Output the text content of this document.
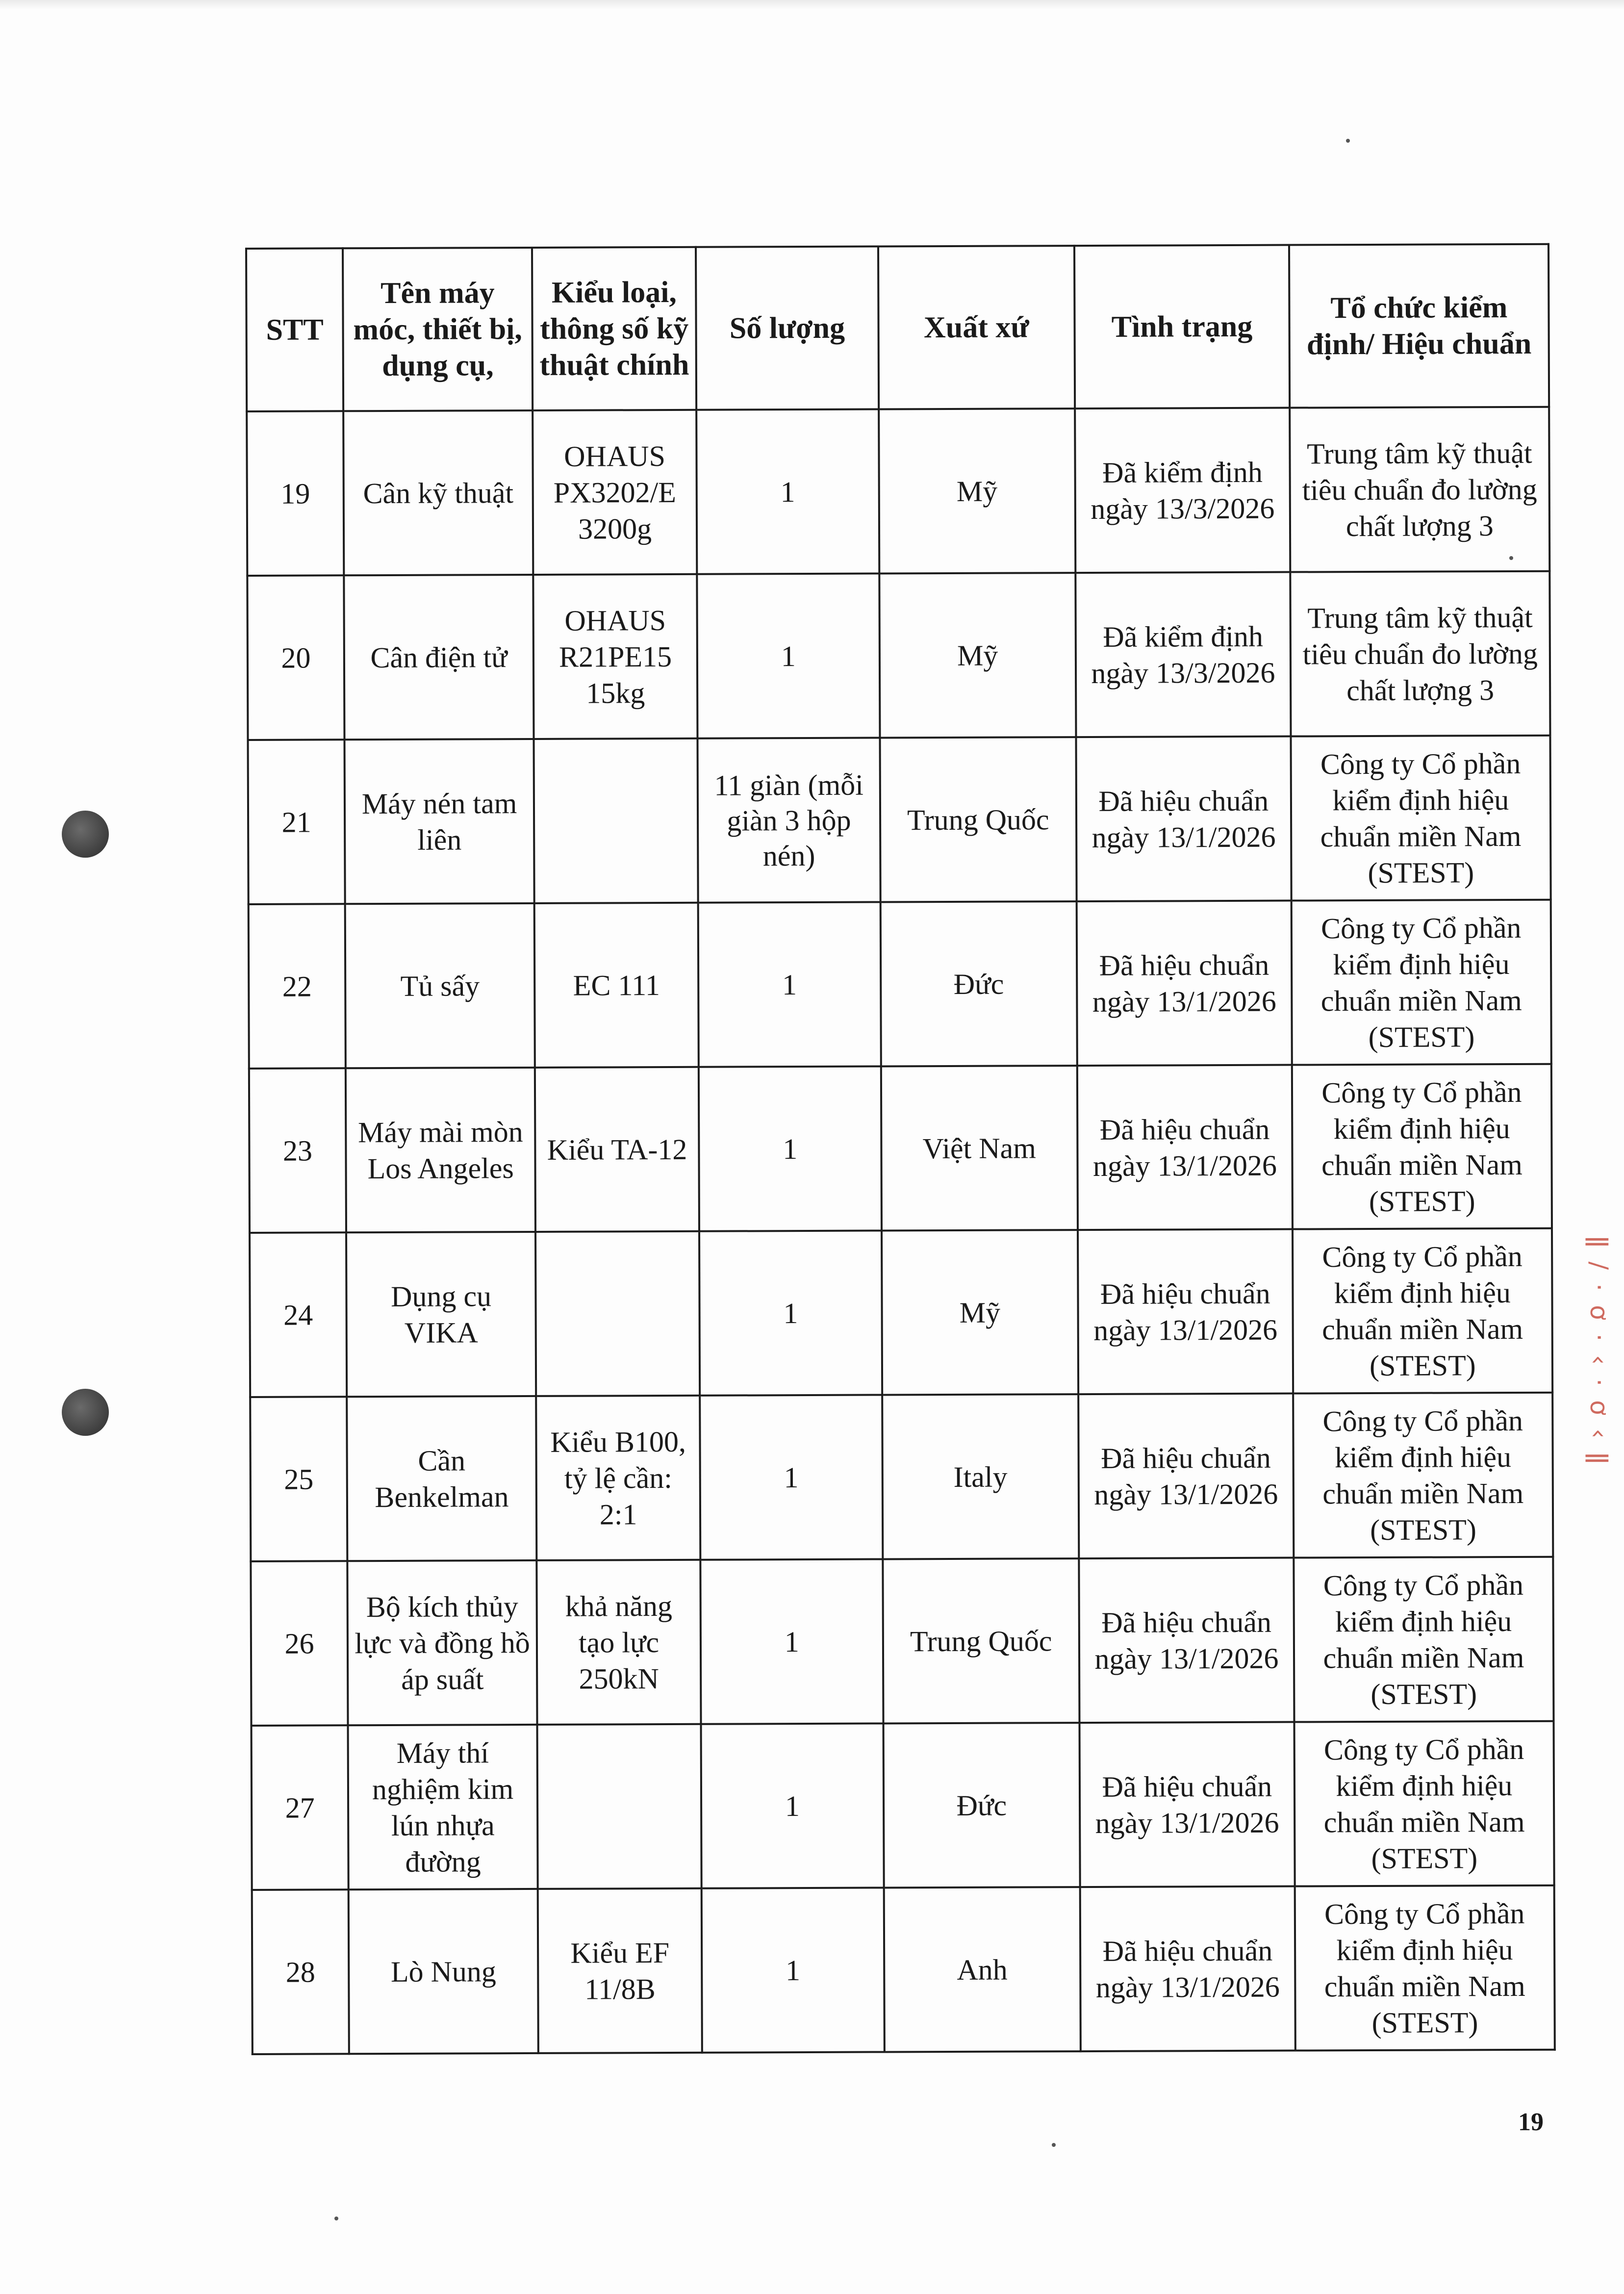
STT	Tên máy móc, thiết bị, dụng cụ,	Kiểu loại, thông số kỹ thuật chính	Số lượng	Xuất xứ	Tình trạng	Tổ chức kiểm định/ Hiệu chuẩn
19	Cân kỹ thuật	OHAUS PX3202/E 3200g	1	Mỹ	Đã kiểm định ngày 13/3/2026	Trung tâm kỹ thuật tiêu chuẩn đo lường chất lượng 3
20	Cân điện tử	OHAUS R21PE15 15kg	1	Mỹ	Đã kiểm định ngày 13/3/2026	Trung tâm kỹ thuật tiêu chuẩn đo lường chất lượng 3
21	Máy nén tam liên		11 giàn (mỗi giàn 3 hộp nén)	Trung Quốc	Đã hiệu chuẩn ngày 13/1/2026	Công ty Cổ phần kiểm định hiệu chuẩn miền Nam (STEST)
22	Tủ sấy	EC 111	1	Đức	Đã hiệu chuẩn ngày 13/1/2026	Công ty Cổ phần kiểm định hiệu chuẩn miền Nam (STEST)
23	Máy mài mòn Los Angeles	Kiểu TA-12	1	Việt Nam	Đã hiệu chuẩn ngày 13/1/2026	Công ty Cổ phần kiểm định hiệu chuẩn miền Nam (STEST)
24	Dụng cụ VIKA		1	Mỹ	Đã hiệu chuẩn ngày 13/1/2026	Công ty Cổ phần kiểm định hiệu chuẩn miền Nam (STEST)
25	Cần Benkelman	Kiểu B100, tỷ lệ cần: 2:1	1	Italy	Đã hiệu chuẩn ngày 13/1/2026	Công ty Cổ phần kiểm định hiệu chuẩn miền Nam (STEST)
26	Bộ kích thủy lực và đồng hồ áp suất	khả năng tạo lực 250kN	1	Trung Quốc	Đã hiệu chuẩn ngày 13/1/2026	Công ty Cổ phần kiểm định hiệu chuẩn miền Nam (STEST)
27	Máy thí nghiệm kim lún nhựa đường		1	Đức	Đã hiệu chuẩn ngày 13/1/2026	Công ty Cổ phần kiểm định hiệu chuẩn miền Nam (STEST)
28	Lò Nung	Kiểu EF 11/8B	1	Anh	Đã hiệu chuẩn ngày 13/1/2026	Công ty Cổ phần kiểm định hiệu chuẩn miền Nam (STEST)
19
ǁ / · ơ · ‹ · ơ ‹ ǁ
